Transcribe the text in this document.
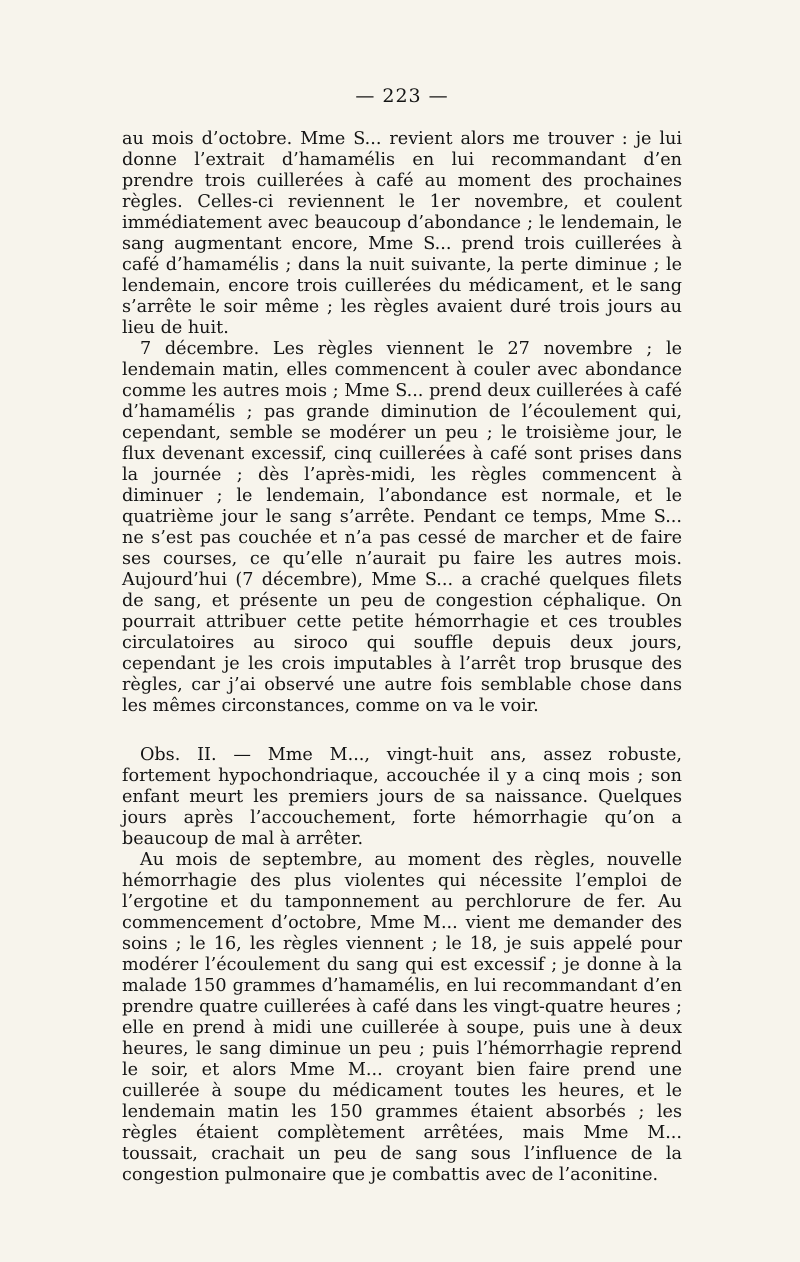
— 223 —

au mois d’octobre. Mme S... revient alors me trouver : je lui donne l’extrait d’hamamélis en lui recommandant d’en prendre trois cuillerées à café au moment des prochaines règles. Celles-ci reviennent le 1er novembre, et coulent immédiatement avec beaucoup d’abondance ; le lendemain, le sang augmentant encore, Mme S... prend trois cuillerées à café d’hamamélis ; dans la nuit suivante, la perte diminue ; le lendemain, encore trois cuillerées du médicament, et le sang s’arrête le soir même ; les règles avaient duré trois jours au lieu de huit.

7 décembre. Les règles viennent le 27 novembre ; le lendemain matin, elles commencent à couler avec abondance comme les autres mois ; Mme S... prend deux cuillerées à café d’hamamélis ; pas grande diminution de l’écoulement qui, cependant, semble se modérer un peu ; le troisième jour, le flux devenant excessif, cinq cuillerées à café sont prises dans la journée ; dès l’après-midi, les règles commencent à diminuer ; le lendemain, l’abondance est normale, et le quatrième jour le sang s’arrête. Pendant ce temps, Mme S... ne s’est pas couchée et n’a pas cessé de marcher et de faire ses courses, ce qu’elle n’aurait pu faire les autres mois. Aujourd’hui (7 décembre), Mme S... a craché quelques filets de sang, et présente un peu de congestion céphalique. On pourrait attribuer cette petite hémorrhagie et ces troubles circulatoires au siroco qui souffle depuis deux jours, cependant je les crois imputables à l’arrêt trop brusque des règles, car j’ai observé une autre fois semblable chose dans les mêmes circonstances, comme on va le voir.

Obs. II. — Mme M..., vingt-huit ans, assez robuste, fortement hypochondriaque, accouchée il y a cinq mois ; son enfant meurt les premiers jours de sa naissance. Quelques jours après l’accouchement, forte hémorrhagie qu’on a beaucoup de mal à arrêter.

Au mois de septembre, au moment des règles, nouvelle hémorrhagie des plus violentes qui nécessite l’emploi de l’ergotine et du tamponnement au perchlorure de fer. Au commencement d’octobre, Mme M... vient me demander des soins ; le 16, les règles viennent ; le 18, je suis appelé pour modérer l’écoulement du sang qui est excessif ; je donne à la malade 150 grammes d’hamamélis, en lui recommandant d’en prendre quatre cuillerées à café dans les vingt-quatre heures ; elle en prend à midi une cuillerée à soupe, puis une à deux heures, le sang diminue un peu ; puis l’hémorrhagie reprend le soir, et alors Mme M... croyant bien faire prend une cuillerée à soupe du médicament toutes les heures, et le lendemain matin les 150 grammes étaient absorbés ; les règles étaient complètement arrêtées, mais Mme M... toussait, crachait un peu de sang sous l’influence de la congestion pulmonaire que je combattis avec de l’aconitine.
